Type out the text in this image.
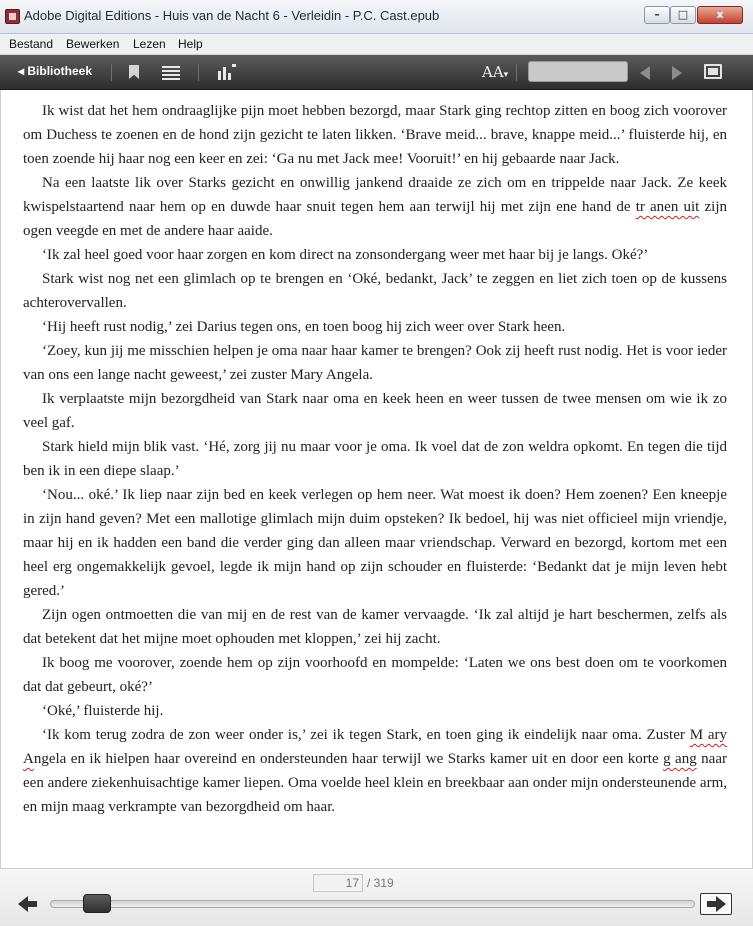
Adobe Digital Editions - Huis van de Nacht 6 - Verleidin - P.C. Cast.epub	–	□	x
Bestand Bewerken Lezen Help
◂ Bibliotheek	AA▾

Ik wist dat het hem ondraaglijke pijn moet hebben bezorgd, maar Stark ging rechtop zitten en boog zich voorover om Duchess te zoenen en de hond zijn gezicht te laten likken. ‘Brave meid... brave, knappe meid...’ fluisterde hij, en toen zoende hij haar nog een keer en zei: ‘Ga nu met Jack mee! Vooruit!’ en hij gebaarde naar Jack.

Na een laatste lik over Starks gezicht en onwillig jankend draaide ze zich om en trippelde naar Jack. Ze keek kwispelstaartend naar hem op en duwde haar snuit tegen hem aan terwijl hij met zijn ene hand de tr anen uit zijn ogen veegde en met de andere haar aaide.

‘Ik zal heel goed voor haar zorgen en kom direct na zonsondergang weer met haar bij je langs. Oké?’

Stark wist nog net een glimlach op te brengen en ‘Oké, bedankt, Jack’ te zeggen en liet zich toen op de kussens achterovervallen.

‘Hij heeft rust nodig,’ zei Darius tegen ons, en toen boog hij zich weer over Stark heen.

‘Zoey, kun jij me misschien helpen je oma naar haar kamer te brengen? Ook zij heeft rust nodig. Het is voor ieder van ons een lange nacht geweest,’ zei zuster Mary Angela.

Ik verplaatste mijn bezorgdheid van Stark naar oma en keek heen en weer tussen de twee mensen om wie ik zo veel gaf.

Stark hield mijn blik vast. ‘Hé, zorg jij nu maar voor je oma. Ik voel dat de zon weldra opkomt. En tegen die tijd ben ik in een diepe slaap.’

‘Nou... oké.’ Ik liep naar zijn bed en keek verlegen op hem neer. Wat moest ik doen? Hem zoenen? Een kneepje in zijn hand geven? Met een mallotige glimlach mijn duim opsteken? Ik bedoel, hij was niet officieel mijn vriendje, maar hij en ik hadden een band die verder ging dan alleen maar vriendschap. Verward en bezorgd, kortom met een heel erg ongemakkelijk gevoel, legde ik mijn hand op zijn schouder en fluisterde: ‘Bedankt dat je mijn leven hebt gered.’

Zijn ogen ontmoetten die van mij en de rest van de kamer vervaagde. ‘Ik zal altijd je hart beschermen, zelfs als dat betekent dat het mijne moet ophouden met kloppen,’ zei hij zacht.

Ik boog me voorover, zoende hem op zijn voorhoofd en mompelde: ‘Laten we ons best doen om te voorkomen dat dat gebeurt, oké?’

‘Oké,’ fluisterde hij.

‘Ik kom terug zodra de zon weer onder is,’ zei ik tegen Stark, en toen ging ik eindelijk naar oma. Zuster M ary Angela en ik hielpen haar overeind en ondersteunden haar terwijl we Starks kamer uit en door een korte g ang naar een andere ziekenhuisachtige kamer liepen. Oma voelde heel klein en breekbaar aan onder mijn ondersteunende arm, en mijn maag verkrampte van bezorgdheid om haar.

17
/ 319
